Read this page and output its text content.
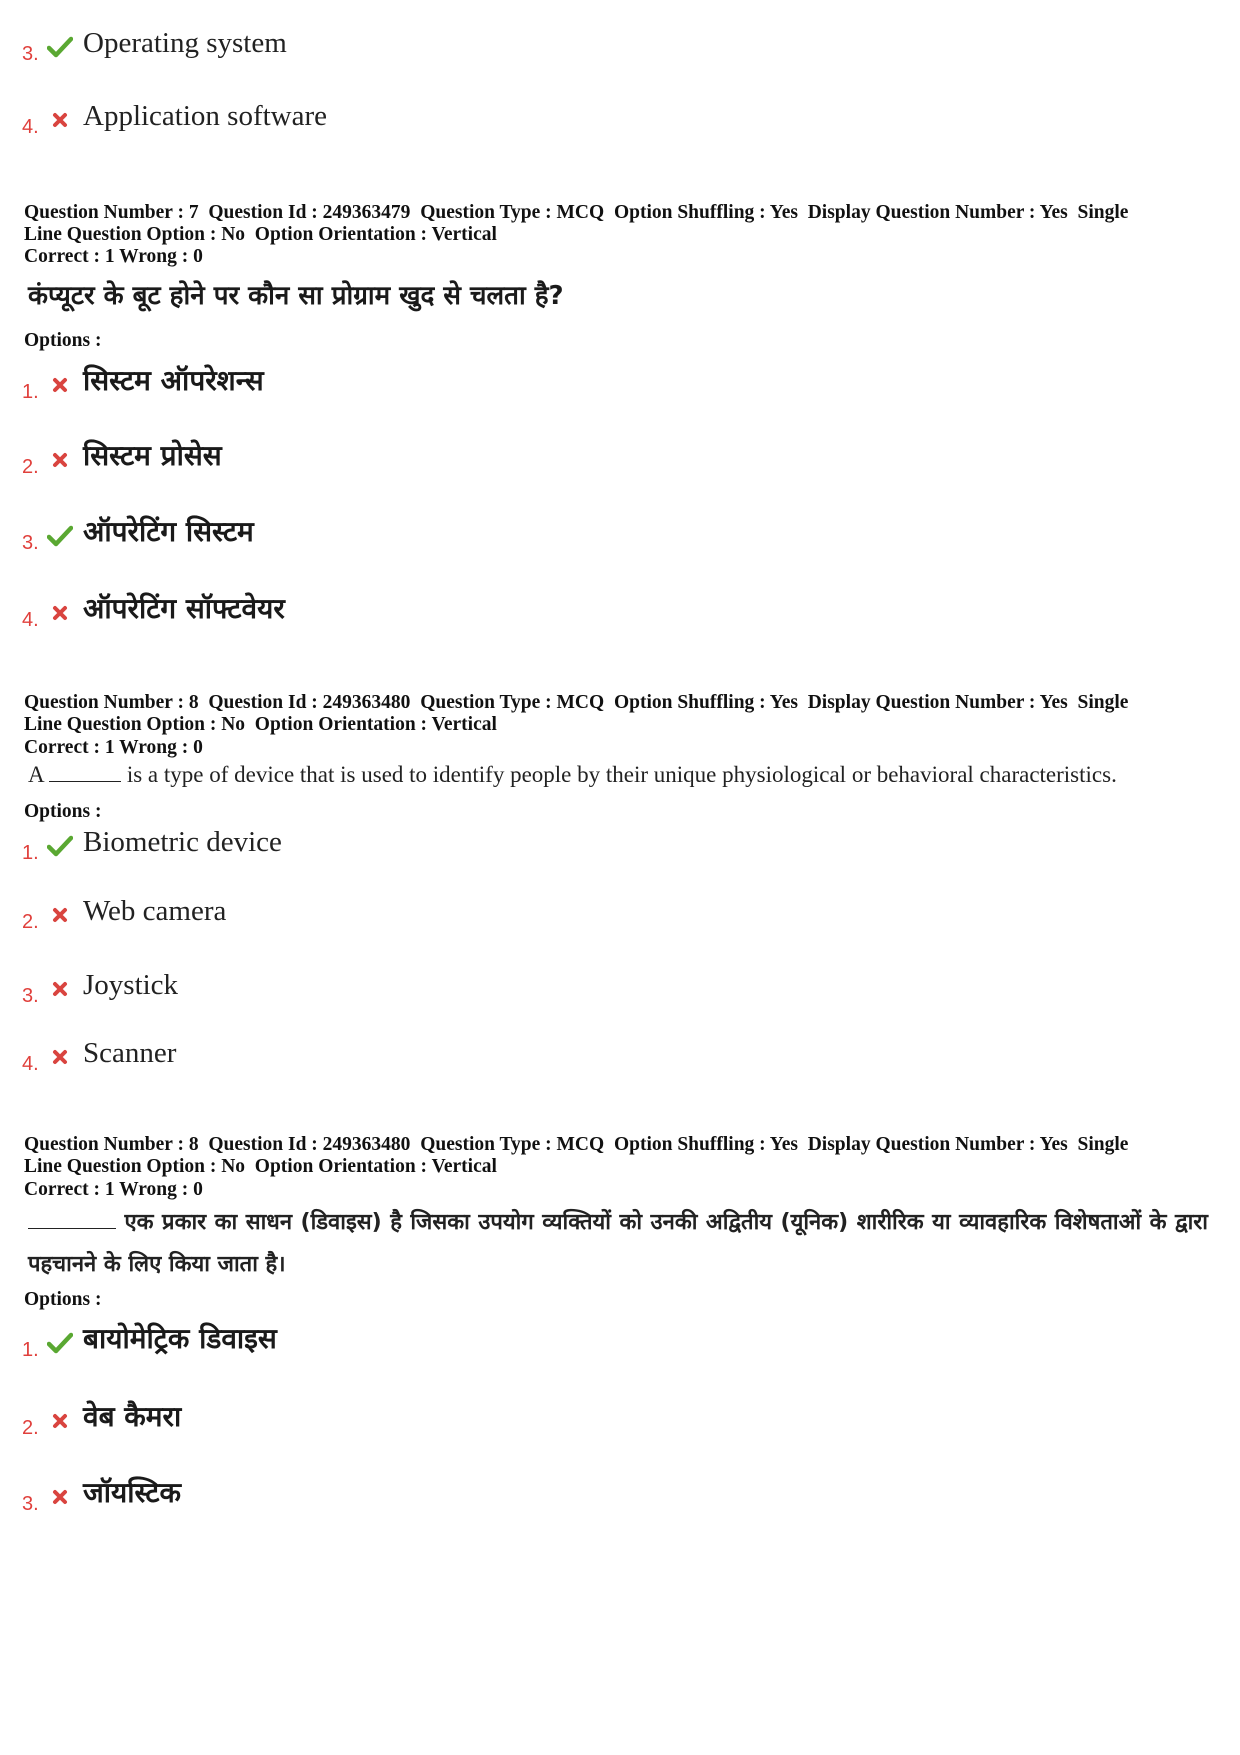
3. Operating system
4. Application software
Question Number : 7 Question Id : 249363479 Question Type : MCQ Option Shuffling : Yes Display Question Number : Yes Single
Line Question Option : No Option Orientation : Vertical
Correct : 1 Wrong : 0
कंप्यूटर के बूट होने पर कौन सा प्रोग्राम खुद से चलता है?
Options :
1. सिस्टम ऑपरेशन्स
2. सिस्टम प्रोसेस
3. ऑपरेटिंग सिस्टम
4. ऑपरेटिंग सॉफ्टवेयर
Question Number : 8 Question Id : 249363480 Question Type : MCQ Option Shuffling : Yes Display Question Number : Yes Single
Line Question Option : No Option Orientation : Vertical
Correct : 1 Wrong : 0
A	is a type of device that is used to identify people by their unique physiological or behavioral characteristics.
Options :
1. Biometric device
2. Web camera
3. Joystick
4. Scanner
Question Number : 8 Question Id : 249363480 Question Type : MCQ Option Shuffling : Yes Display Question Number : Yes Single
Line Question Option : No Option Orientation : Vertical
Correct : 1 Wrong : 0
एक प्रकार का साधन (डिवाइस) है जिसका उपयोग व्यक्तियों को उनकी अद्वितीय (यूनिक) शारीरिक या व्यावहारिक विशेषताओं के द्वारा पहचानने के लिए किया जाता है।
Options :
1. बायोमेट्रिक डिवाइस
2. वेब कैमरा
3. जॉयस्टिक
